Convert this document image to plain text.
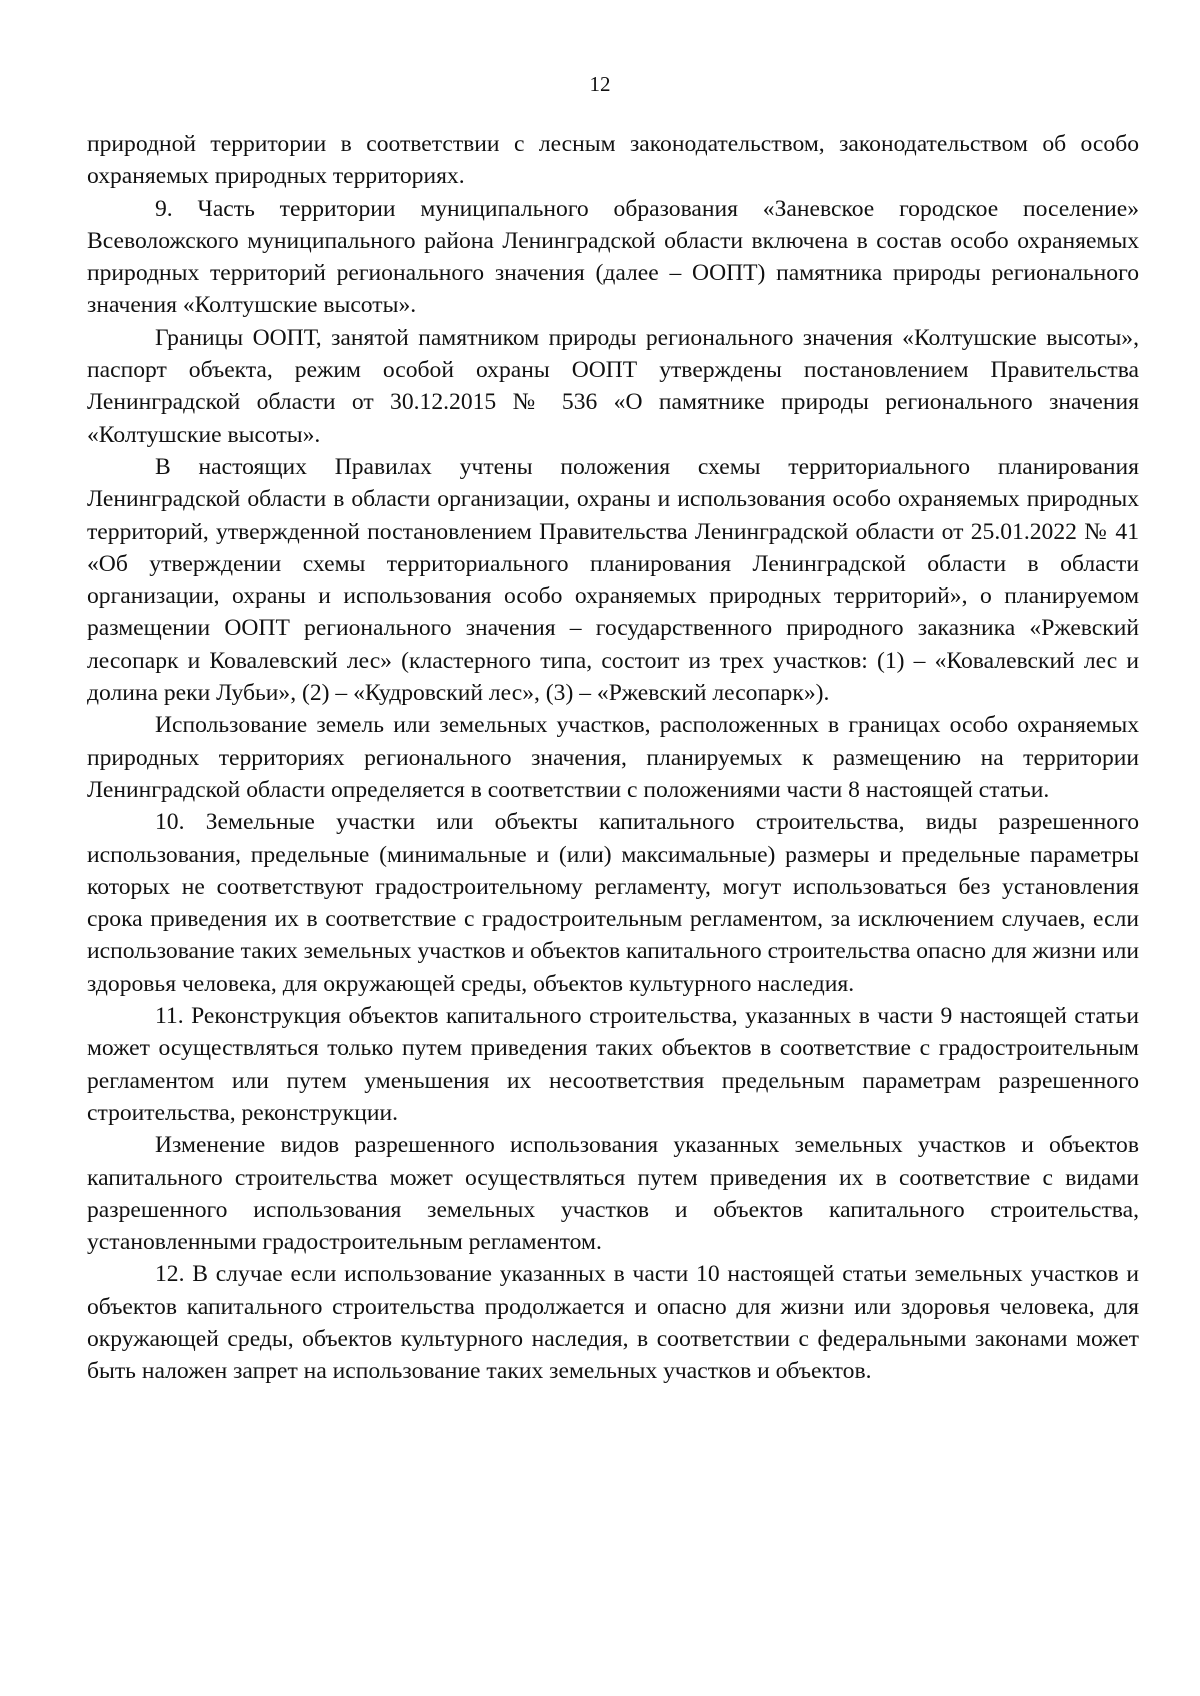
12

природной территории в соответствии с лесным законодательством, законодательством об особо охраняемых природных территориях.

9. Часть территории муниципального образования «Заневское городское поселение» Всеволожского муниципального района Ленинградской области включена в состав особо охраняемых природных территорий регионального значения (далее – ООПТ) памятника природы регионального значения «Колтушские высоты».

Границы ООПТ, занятой памятником природы регионального значения «Колтушские высоты», паспорт объекта, режим особой охраны ООПТ утверждены постановлением Правительства Ленинградской области от 30.12.2015 № 536 «О памятнике природы регионального значения «Колтушские высоты».

В настоящих Правилах учтены положения схемы территориального планирования Ленинградской области в области организации, охраны и использования особо охраняемых природных территорий, утвержденной постановлением Правительства Ленинградской области от 25.01.2022 № 41 «Об утверждении схемы территориального планирования Ленинградской области в области организации, охраны и использования особо охраняемых природных территорий», о планируемом размещении ООПТ регионального значения – государственного природного заказника «Ржевский лесопарк и Ковалевский лес» (кластерного типа, состоит из трех участков: (1) – «Ковалевский лес и долина реки Лубьи», (2) – «Кудровский лес», (3) – «Ржевский лесопарк»).

Использование земель или земельных участков, расположенных в границах особо охраняемых природных территориях регионального значения, планируемых к размещению на территории Ленинградской области определяется в соответствии с положениями части 8 настоящей статьи.

10. Земельные участки или объекты капитального строительства, виды разрешенного использования, предельные (минимальные и (или) максимальные) размеры и предельные параметры которых не соответствуют градостроительному регламенту, могут использоваться без установления срока приведения их в соответствие с градостроительным регламентом, за исключением случаев, если использование таких земельных участков и объектов капитального строительства опасно для жизни или здоровья человека, для окружающей среды, объектов культурного наследия.

11. Реконструкция объектов капитального строительства, указанных в части 9 настоящей статьи может осуществляться только путем приведения таких объектов в соответствие с градостроительным регламентом или путем уменьшения их несоответствия предельным параметрам разрешенного строительства, реконструкции.

Изменение видов разрешенного использования указанных земельных участков и объектов капитального строительства может осуществляться путем приведения их в соответствие с видами разрешенного использования земельных участков и объектов капитального строительства, установленными градостроительным регламентом.

12. В случае если использование указанных в части 10 настоящей статьи земельных участков и объектов капитального строительства продолжается и опасно для жизни или здоровья человека, для окружающей среды, объектов культурного наследия, в соответствии с федеральными законами может быть наложен запрет на использование таких земельных участков и объектов.
